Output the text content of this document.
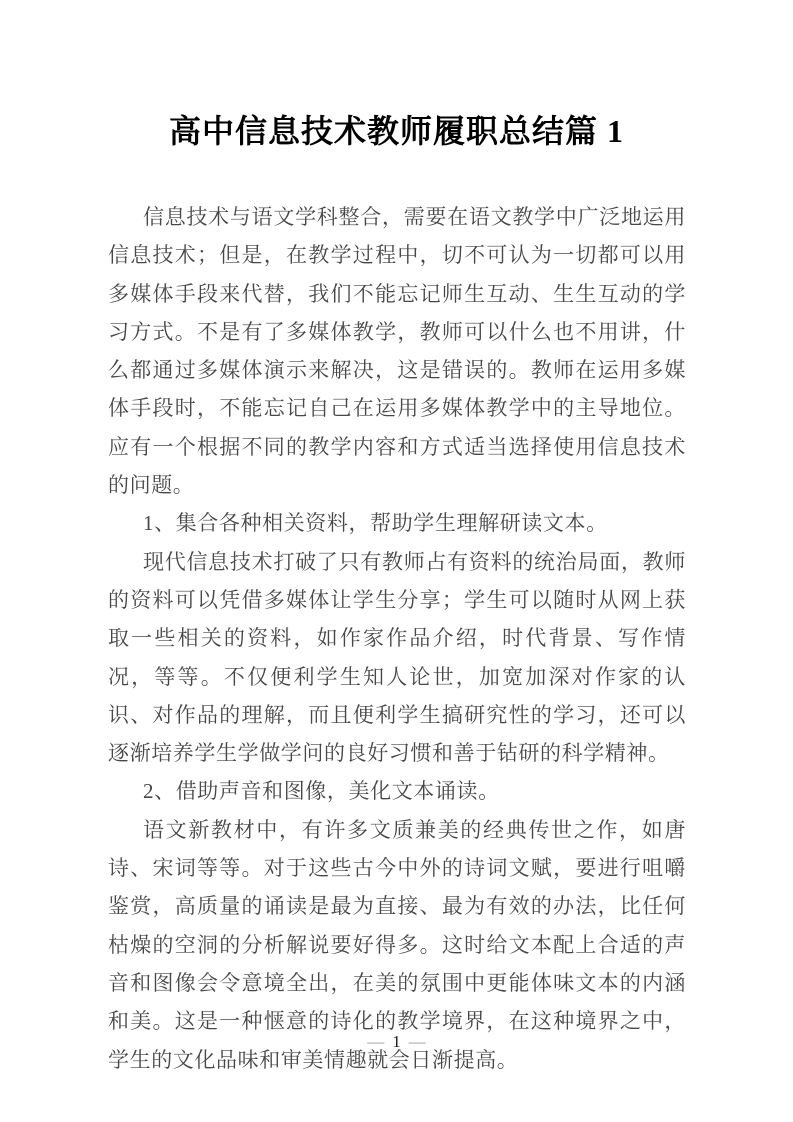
高中信息技术教师履职总结篇 1

信息技术与语文学科整合，需要在语文教学中广泛地运用信息技术；但是，在教学过程中，切不可认为一切都可以用多媒体手段来代替，我们不能忘记师生互动、生生互动的学习方式。不是有了多媒体教学，教师可以什么也不用讲，什么都通过多媒体演示来解决，这是错误的。教师在运用多媒体手段时，不能忘记自己在运用多媒体教学中的主导地位。应有一个根据不同的教学内容和方式适当选择使用信息技术的问题。

1、集合各种相关资料，帮助学生理解研读文本。

现代信息技术打破了只有教师占有资料的统治局面，教师的资料可以凭借多媒体让学生分享；学生可以随时从网上获取一些相关的资料，如作家作品介绍，时代背景、写作情况，等等。不仅便利学生知人论世，加宽加深对作家的认识、对作品的理解，而且便利学生搞研究性的学习，还可以逐渐培养学生学做学问的良好习惯和善于钻研的科学精神。

2、借助声音和图像，美化文本诵读。

语文新教材中，有许多文质兼美的经典传世之作，如唐诗、宋词等等。对于这些古今中外的诗词文赋，要进行咀嚼鉴赏，高质量的诵读是最为直接、最为有效的办法，比任何枯燥的空洞的分析解说要好得多。这时给文本配上合适的声音和图像会令意境全出，在美的氛围中更能体味文本的内涵和美。这是一种惬意的诗化的教学境界，在这种境界之中，学生的文化品味和审美情趣就会日渐提高。

— 1 —
